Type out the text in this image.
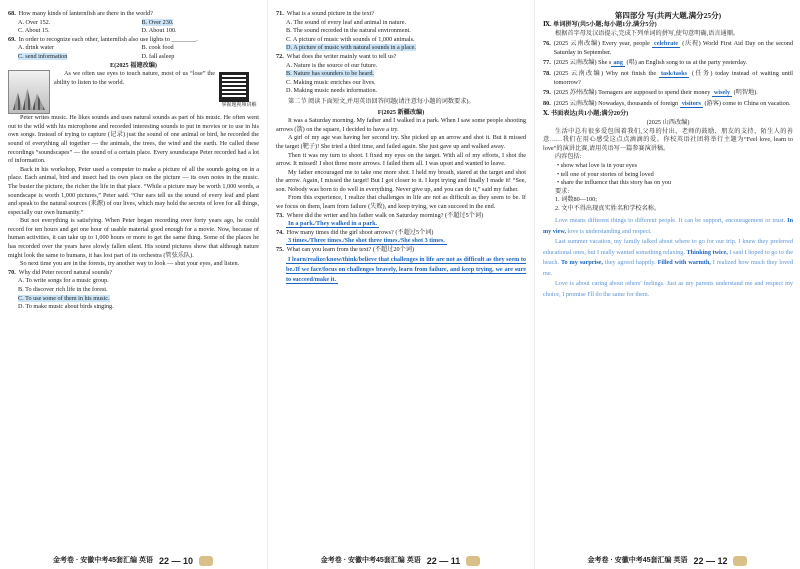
68. How many kinds of lanternfish are there in the world?
A. Over 152.	B. Over 230.
C. About 15.	D. About 100.
69. In order to recognize each other, lanternfish also use lights to ________.
A. drink water	B. cook food
C. send information	D. fall asleep
E(2025 福建改编)
As we often use eyes to touch nature, most of us “lose” the ability to listen to the world.
掌握题视频讲解
Peter writes music. He likes sounds and uses natural sounds as part of his music. He often went out to the wild with his microphone and recorded interesting sounds to put in movies or to use in his own songs. Instead of trying to capture (记录) just the sound of one animal or bird, he recorded the sound of everything all together — the animals, the trees, the wind and the earth. He called these recordings “soundscapes” — the sound of a certain place. Every soundscape Peter recorded had a lot of information.
Back in his workshop, Peter used a computer to make a picture of all the sounds going on in a place. Each animal, bird and insect had its own place on the picture — its own notes in the music. The busier the picture, the richer the life in that place. “While a picture may be worth 1,000 words, a soundscape is worth 1,000 pictures,” Peter said. “Our ears tell us the sound of every leaf and plant and speak to the natural sources (来源) of our lives, which may hold the secrets of love for all things, especially our own humanity.”
But not everything is satisfying. When Peter began recording over forty years ago, he could record for ten hours and get one hour of usable material good enough for a movie. Now, because of human activities, it can take up to 1,000 hours or more to get the same thing. Some of the places he has recorded over the years have slowly fallen silent. His sound pictures show that although nature might look the same to humans, it has lost part of its orchestra (管弦乐队).
So next time you are in the forests, try another way to look — shut your eyes, and listen.
70. Why did Peter record natural sounds?
A. To write songs for a music group.
B. To discover rich life in the forest.
C. To use some of them in his music.
D. To make music about birds singing.
金考卷 · 安徽中考45套汇编 英语 22 — 10
71. What is a sound picture in the text?
A. The sound of every leaf and animal in nature.
B. The sound recorded in the natural environment.
C. A picture of music with sounds of 1,000 animals.
D. A picture of music with natural sounds in a place.
72. What does the writer mainly want to tell us?
A. Nature is the source of our future.
B. Nature has sounders to be heard.
C. Making music enriches our lives.
D. Making music needs information.
第二节 阅读下面短文,并用英语回答问题(请注意每小题的词数要求)。
F(2025 新疆改编)
It was a Saturday morning. My father and I walked in a park. When I saw some people shooting arrows (箭) on the square, I decided to have a try.
A girl of my age was having her second try. She picked up an arrow and shot it. But it missed the target (靶子)! She tried a third time, and failed again. She just gave up and walked away.
Then it was my turn to shoot. I fixed my eyes on the target. With all of my efforts, I shot the arrow. It missed! I shot three more arrows. I failed them all. I was upset and wanted to leave.
My father encouraged me to take one more shot. I held my breath, stared at the target and shot the arrow. Again, I missed the target! But I got closer to it. I kept trying and finally I made it! “See, son. Nobody was born to do well in everything. Never give up, and you can do it,” said my father.
From this experience, I realize that challenges in life are not as difficult as they seem to be. If we focus on them, learn from failure (失败), and keep trying, we can succeed in the end.
73. Where did the writer and his father walk on Saturday morning? (不超过5个词)
In a park./They walked in a park.
74. How many times did the girl shoot arrows? (不超过5个词)
3 times./Three times./She shot three times./She shot 3 times.
75. What can you learn from the text? (不超过20个词)
I learn/realize/know/think/believe that challenges in life are not as difficult as they seem to be./If we face/focus on challenges bravely, learn from failure, and keep trying, we are sure to succeed/make it.
金考卷 · 安徽中考45套汇编 英语 22 — 11
第四部分 写(共两大题,满分25分)
Ⅸ. 单词拼写(共5小题;每小题1分,满分5分)
根据首字母及汉语提示,完成下列单词的拼写,使句意明确,语言通顺。
76. (2025 云南改编) Every year, people celebrate (庆祝) World First Aid Day on the second Saturday in September.
77. (2025 云南改编) She s ang (唱) an English song to us at the party yesterday.
78. (2025 云南改编) Why not finish the task/tasks (任务) today instead of waiting until tomorrow?
79. (2025 苏州改编) Teenagers are supposed to spend their money wisely (明智地).
80. (2025 云南改编) Nowadays, thousands of foreign visitors (游客) come to China on vacation.
Ⅹ. 书面表达(共1小题;满分20分)
(2025 山西改编)
生活中总有很多爱包围着我们,父母的付出、老师的鼓励、朋友的支持、陌生人的善意……我们在用心感受这点点滴滴的爱。你校英语社团将举行主题为“Feel love, learn to love”的演讲比赛,请用英语写一篇参赛演讲稿。
内容包括:
• show what love is in your eyes
• tell one of your stories of being loved
• share the influence that this story has on you
要求:
1. 词数80—100;
2. 文中不得出现真实姓名和学校名称。
Love means different things to different people. It can be support, encouragement or trust. In my view, love is understanding and respect.
Last summer vacation, my family talked about where to go for our trip. I knew they preferred educational ones, but I really wanted something relaxing. Thinking twice, I said I hoped to go to the beach. To my surprise, they agreed happily. Filled with warmth, I realized how much they loved me.
Love is about caring about others' feelings. Just as my parents understand me and respect my choice, I promise I'll do the same for them.
金考卷 · 安徽中考45套汇编 英语 22 — 12
